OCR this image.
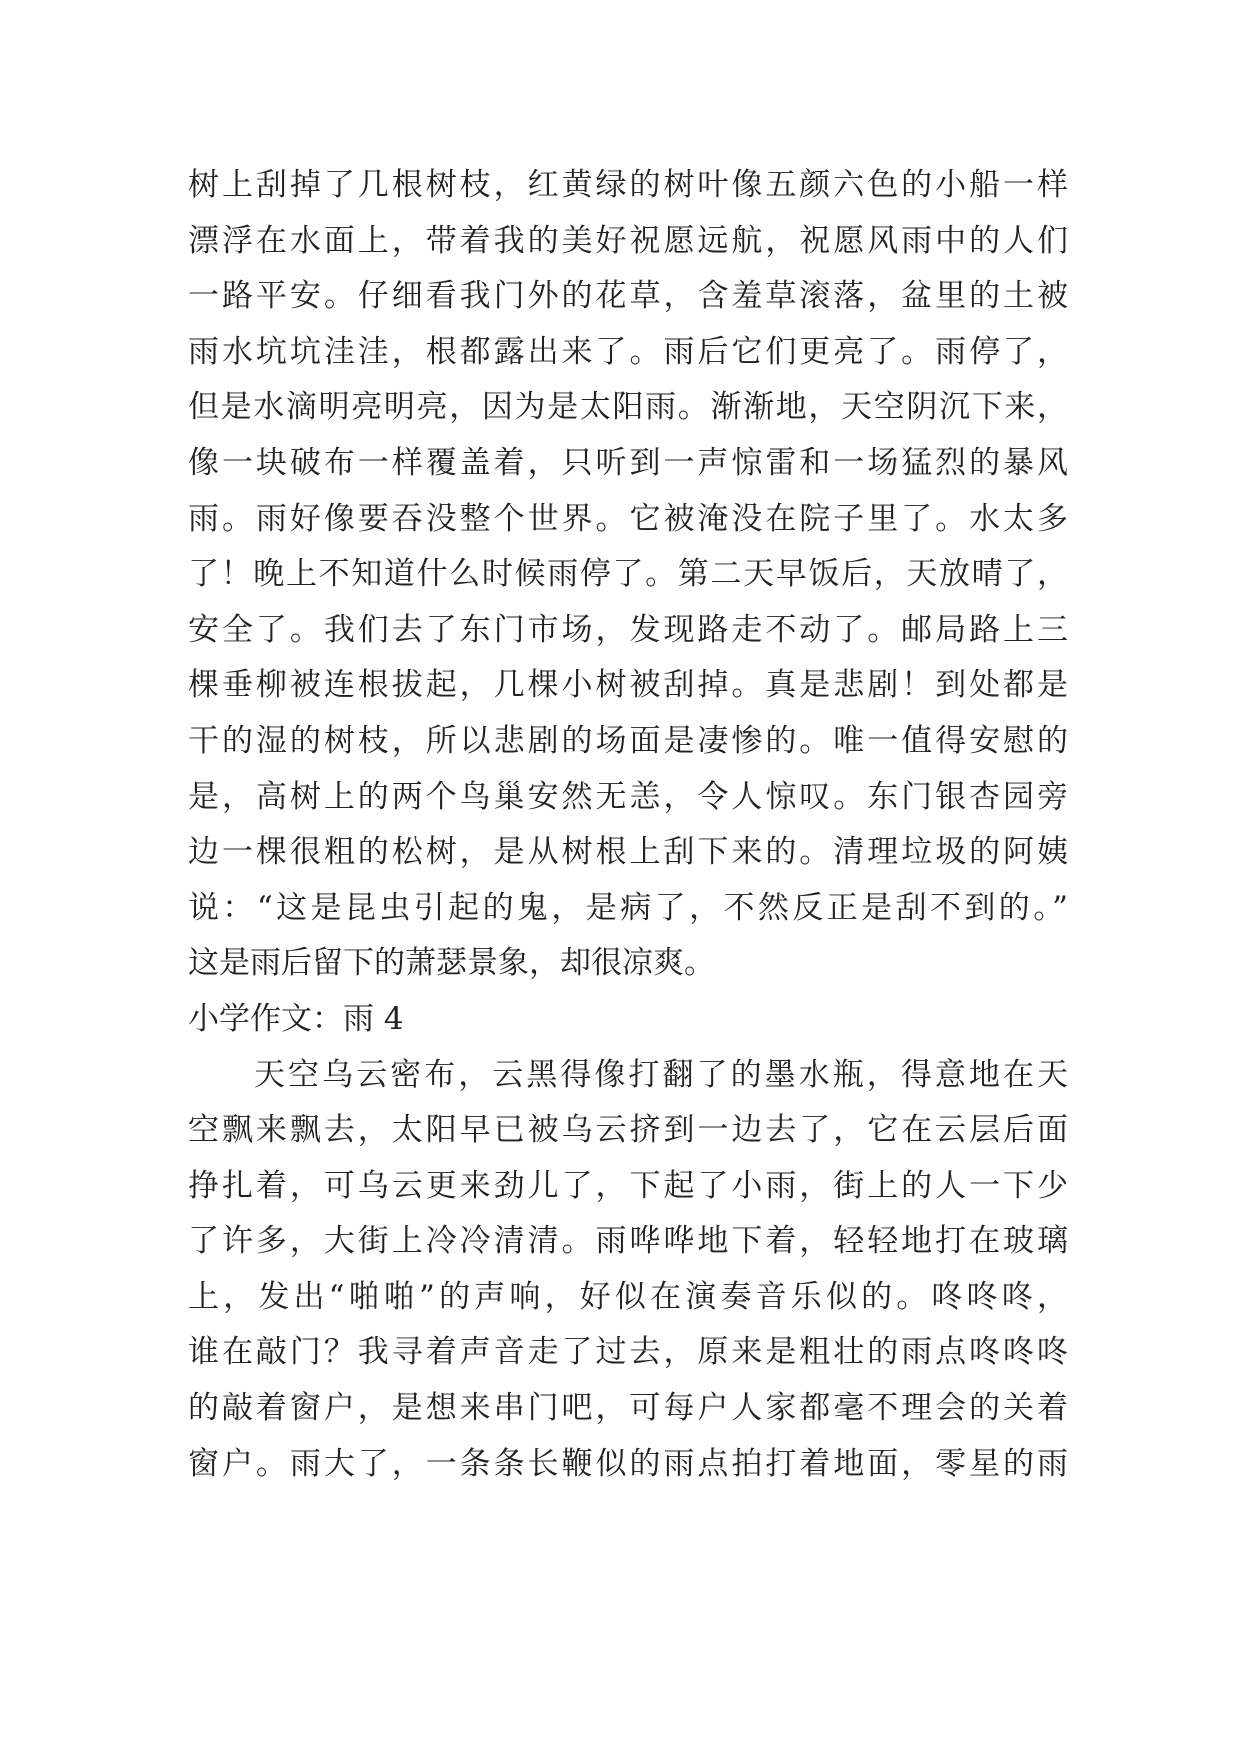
树上刮掉了几根树枝，红黄绿的树叶像五颜六色的小船一样
漂浮在水面上，带着我的美好祝愿远航，祝愿风雨中的人们
一路平安。仔细看我门外的花草，含羞草滚落，盆里的土被
雨水坑坑洼洼，根都露出来了。雨后它们更亮了。雨停了，
但是水滴明亮明亮，因为是太阳雨。渐渐地，天空阴沉下来，
像一块破布一样覆盖着，只听到一声惊雷和一场猛烈的暴风
雨。雨好像要吞没整个世界。它被淹没在院子里了。水太多
了！晚上不知道什么时候雨停了。第二天早饭后，天放晴了，
安全了。我们去了东门市场，发现路走不动了。邮局路上三
棵垂柳被连根拔起，几棵小树被刮掉。真是悲剧！到处都是
干的湿的树枝，所以悲剧的场面是凄惨的。唯一值得安慰的
是，高树上的两个鸟巢安然无恙，令人惊叹。东门银杏园旁
边一棵很粗的松树，是从树根上刮下来的。清理垃圾的阿姨
说：“这是昆虫引起的鬼，是病了，不然反正是刮不到的。”
这是雨后留下的萧瑟景象，却很凉爽。
小学作文：雨 4
天空乌云密布，云黑得像打翻了的墨水瓶，得意地在天
空飘来飘去，太阳早已被乌云挤到一边去了，它在云层后面
挣扎着，可乌云更来劲儿了，下起了小雨，街上的人一下少
了许多，大街上冷冷清清。雨哗哗地下着，轻轻地打在玻璃
上，发出“啪啪”的声响，好似在演奏音乐似的。咚咚咚，
谁在敲门？我寻着声音走了过去，原来是粗壮的雨点咚咚咚
的敲着窗户，是想来串门吧，可每户人家都毫不理会的关着
窗户。雨大了，一条条长鞭似的雨点拍打着地面，零星的雨
